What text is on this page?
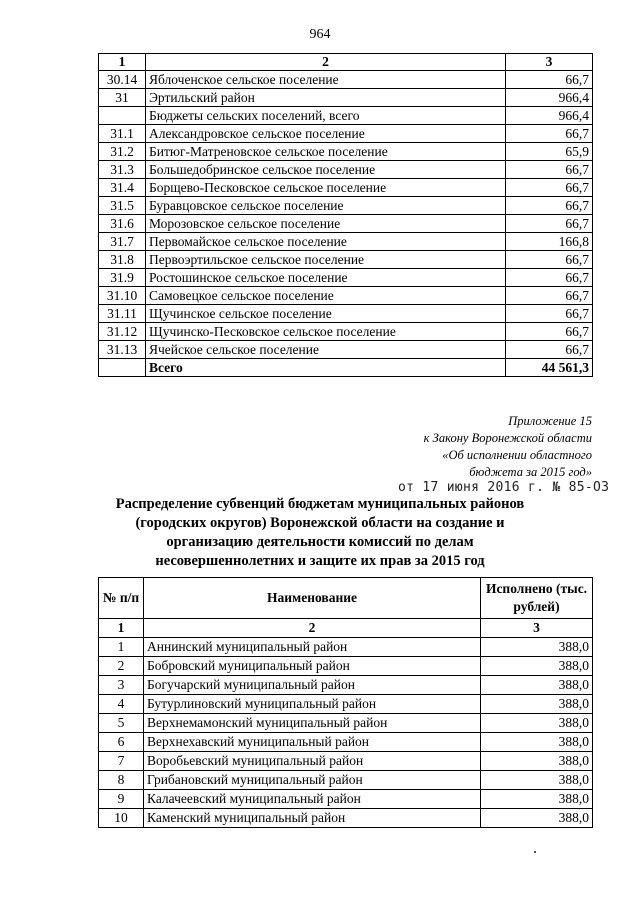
964
1	2	3
30.14	Яблоченское сельское поселение	66,7
31	Эртильский район	966,4
	Бюджеты сельских поселений, всего	966,4
31.1	Александровское сельское поселение	66,7
31.2	Битюг-Матреновское сельское поселение	65,9
31.3	Большедобринское сельское поселение	66,7
31.4	Борщево-Песковское сельское поселение	66,7
31.5	Буравцовское сельское поселение	66,7
31.6	Морозовское сельское поселение	66,7
31.7	Первомайское сельское поселение	166,8
31.8	Первоэртильское сельское поселение	66,7
31.9	Ростошинское сельское поселение	66,7
31.10	Самовецкое сельское поселение	66,7
31.11	Щучинское сельское поселение	66,7
31.12	Щучинско-Песковское сельское поселение	66,7
31.13	Ячейское сельское поселение	66,7
	Всего	44 561,3
Приложение 15
к Закону Воронежской области
«Об исполнении областного
бюджета за 2015 год»
от 17 июня 2016 г. № 85-ОЗ
Распределение субвенций бюджетам муниципальных районов
(городских округов) Воронежской области на создание и
организацию деятельности комиссий по делам
несовершеннолетних и защите их прав за 2015 год
№ п/п	Наименование	Исполнено (тыс. рублей)
1	2	3
1	Аннинский муниципальный район	388,0
2	Бобровский муниципальный район	388,0
3	Богучарский муниципальный район	388,0
4	Бутурлиновский муниципальный район	388,0
5	Верхнемамонский муниципальный район	388,0
6	Верхнехавский муниципальный район	388,0
7	Воробьевский муниципальный район	388,0
8	Грибановский муниципальный район	388,0
9	Калачеевский муниципальный район	388,0
10	Каменский муниципальный район	388,0
